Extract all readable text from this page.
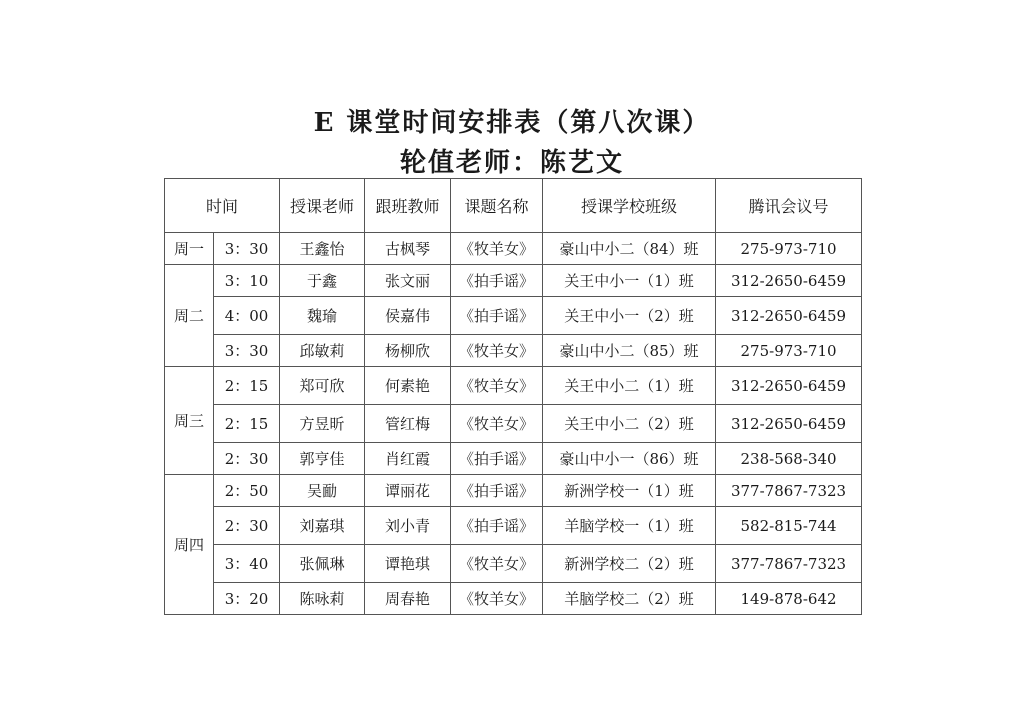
E 课堂时间安排表（第八次课）
轮值老师：陈艺文
时间		授课老师	跟班教师	课题名称	授课学校班级	腾讯会议号
周一	3：30	王鑫怡	古枫琴	《牧羊女》	豪山中小二（84）班	275-973-710
周二	3：10	于鑫	张文丽	《拍手谣》	关王中小一（1）班	312-2650-6459
	4：00	魏瑜	侯嘉伟	《拍手谣》	关王中小一（2）班	312-2650-6459
	3：30	邱敏莉	杨柳欣	《牧羊女》	豪山中小二（85）班	275-973-710
周三	2：15	郑可欣	何素艳	《牧羊女》	关王中小二（1）班	312-2650-6459
	2：15	方昱昕	管红梅	《牧羊女》	关王中小二（2）班	312-2650-6459
	2：30	郭亨佳	肖红霞	《拍手谣》	豪山中小一（86）班	238-568-340
周四	2：50	吴勔	谭丽花	《拍手谣》	新洲学校一（1）班	377-7867-7323
	2：30	刘嘉琪	刘小青	《拍手谣》	羊脑学校一（1）班	582-815-744
	3：40	张佩琳	谭艳琪	《牧羊女》	新洲学校二（2）班	377-7867-7323
	3：20	陈咏莉	周春艳	《牧羊女》	羊脑学校二（2）班	149-878-642
